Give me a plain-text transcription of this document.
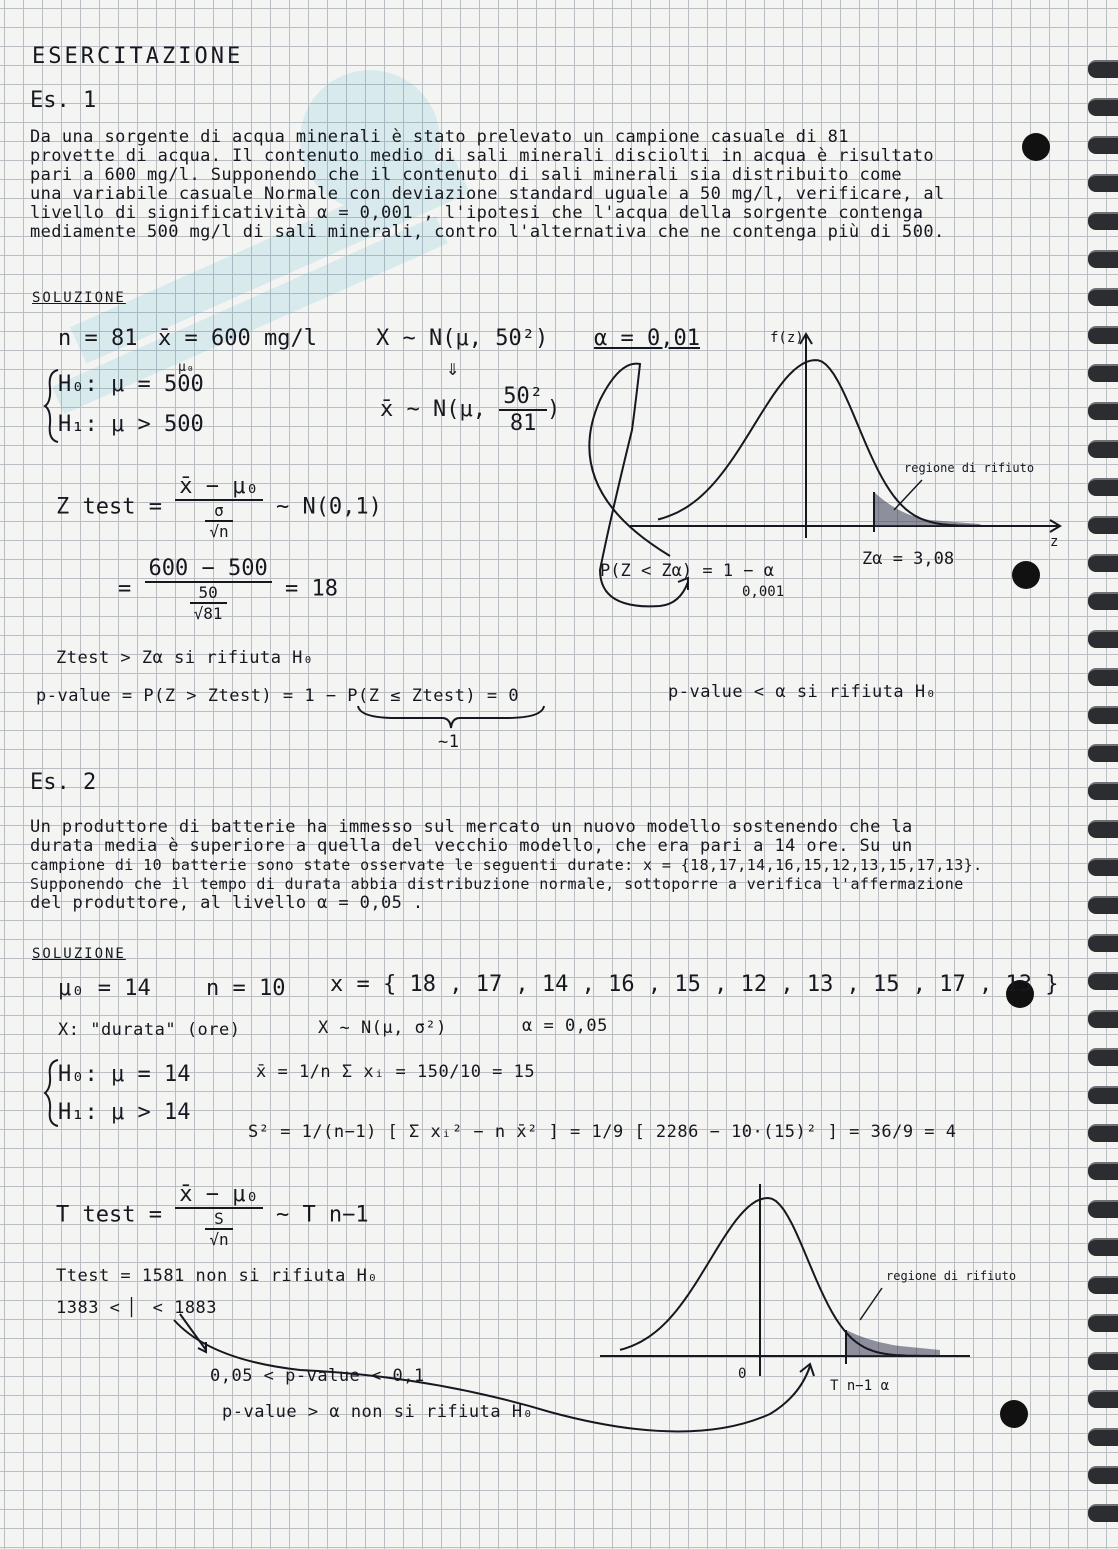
ESERCITAZIONE
Es. 1
Da una sorgente di acqua minerali è stato prelevato un campione casuale di 81
provette di acqua. Il contenuto medio di sali minerali disciolti in acqua è risultato
pari a 600 mg/l. Supponendo che il contenuto di sali minerali sia distribuito come
una variabile casuale Normale con deviazione standard uguale a 50 mg/l, verificare, al
livello di significatività α = 0,001 , l'ipotesi che l'acqua della sorgente contenga
mediamente 500 mg/l di sali minerali, contro l'alternativa che ne contenga più di 500.
SOLUZIONE
n = 81 x̄ = 600 mg/l
μ₀
H₀: μ = 500
H₁: μ > 500
X ~ N(μ, 50²)
⇓
x̄ ~ N(μ, $\frac{\text{50²}}{81}$ )
α = 0,01
Z test = $\frac{\text{x̄ − μ₀}}{\frac{\sigma}{√n}}$ ~ N(0,1)
= $\frac{600 - 500}{\frac{50}{√81}} = 18$
Ztest > Zα si rifiuta H₀
p-value = P(Z > Ztest) = 1 − P(Z ≤ Ztest) = 0
~1
p-value < α si rifiuta H₀
f(z)
z
regione di rifiuto
Zα = 3,08
P(Z < Zα) = 1 − α
0,001
Es. 2
Un produttore di batterie ha immesso sul mercato un nuovo modello sostenendo che la
durata media è superiore a quella del vecchio modello, che era pari a 14 ore. Su un
campione di 10 batterie sono state osservate le seguenti durate: x = {18,17,14,16,15,12,13,15,17,13}.
Supponendo che il tempo di durata abbia distribuzione normale, sottoporre a verifica l'affermazione
del produttore, al livello α = 0,05 .
SOLUZIONE
μ₀ = 14	n = 10 x = { 18 , 17 , 14 , 16 , 15 , 12 , 13 , 15 , 17 , 13 }
X: "durata" (ore)	X ~ N(μ, σ²)	α = 0,05
H₀: μ = 14
H₁: μ > 14
x̄ = 1/n Σ xᵢ = 150/10 = 15
S² = 1/(n−1) [ Σ xᵢ² − n x̄² ] = 1/9 [ 2286 − 10·(15)² ] = 36/9 = 4
T test = $\frac{\text{x̄ − μ₀}}{\frac{S}{√n}}$ ~ T n−1
Ttest = 1581 non si rifiuta H₀
1383 < ▏ < 1883
0,05 < p-value < 0,1
p-value > α non si rifiuta H₀
regione di rifiuto
0
T n−1 α
